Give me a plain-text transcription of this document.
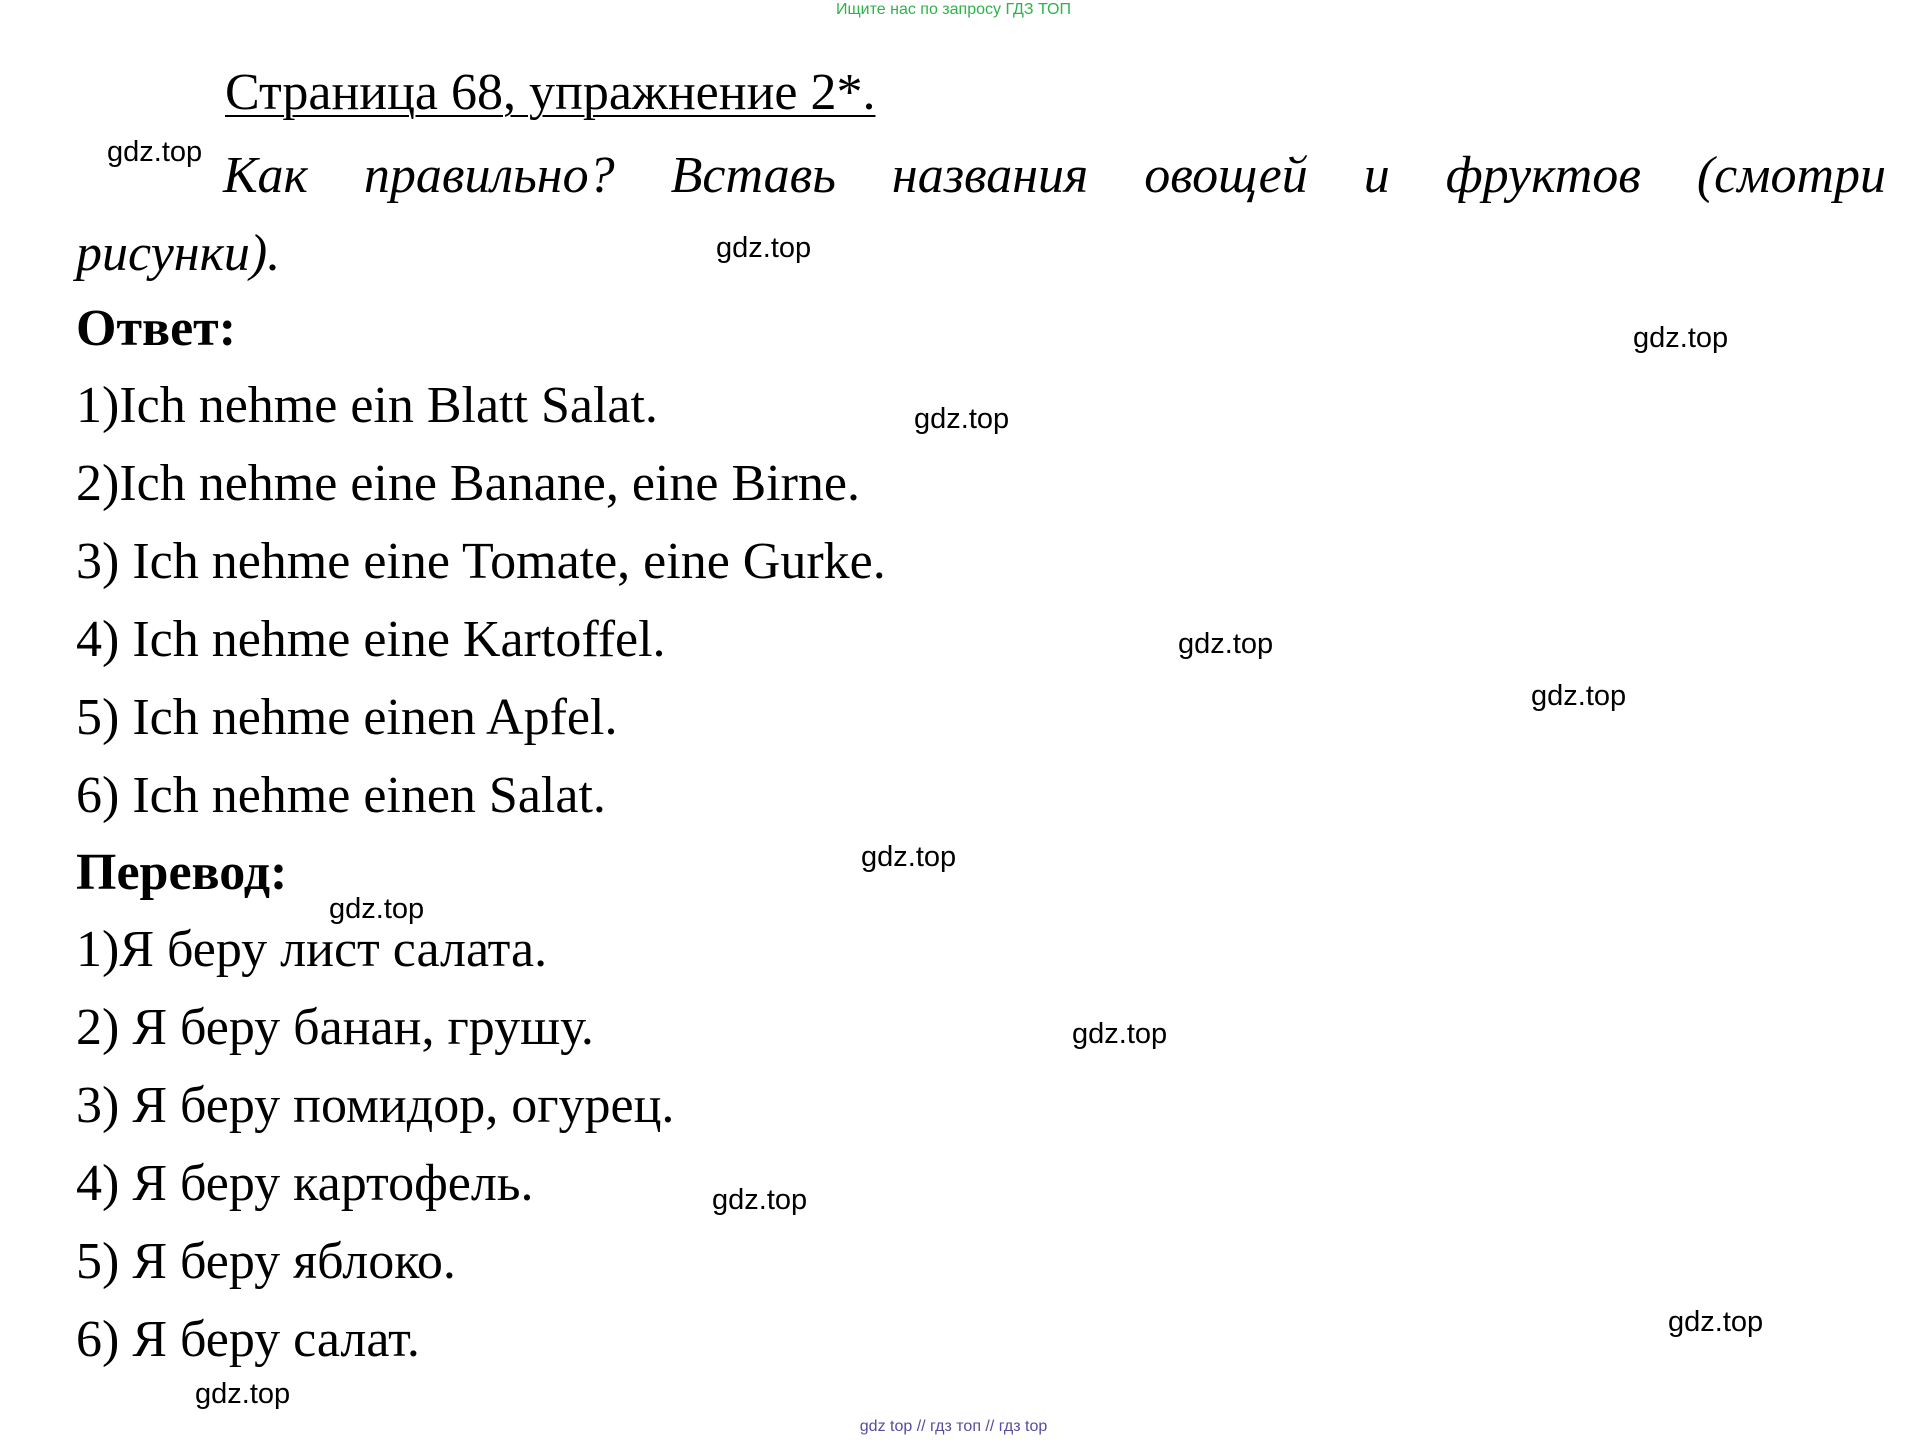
Ищите нас по запросу ГДЗ ТОП
Страница 68, упражнение 2*.
Как правильно? Вставь названия овощей и фруктов (смотри рисунки).
Ответ:
1)Ich nehme ein Blatt Salat.
2)Ich nehme eine Banane, eine Birne.
3) Ich nehme eine Tomate, eine Gurke.
4) Ich nehme eine Kartoffel.
5) Ich nehme einen Apfel.
6) Ich nehme einen Salat.
Перевод:
1)Я беру лист салата.
2) Я беру банан, грушу.
3) Я беру помидор, огурец.
4) Я беру картофель.
5) Я беру яблоко.
6) Я беру салат.
gdz.top
gdz.top
gdz.top
gdz.top
gdz.top
gdz.top
gdz.top
gdz.top
gdz.top
gdz.top
gdz.top
gdz.top
gdz top // гдз топ // гдз top
